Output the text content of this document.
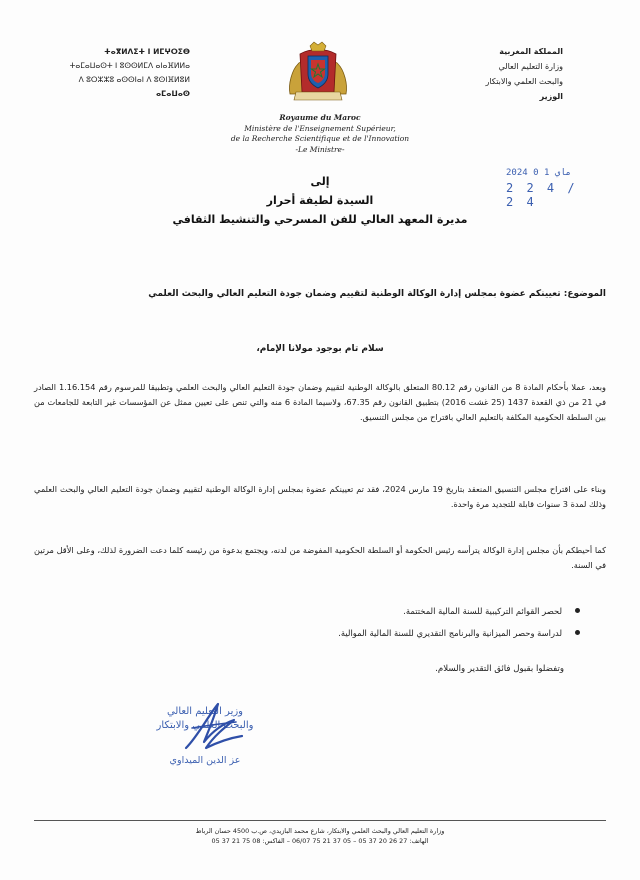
ⵜⴰⴳⵍⴷⵉⵜ ⵏ ⵍⵎⵖⵔⵉⴱ
ⵜⴰⵎⴰⵡⴰⵙⵜ ⵏ ⵓⵙⵙⵍⵎⴷ ⴰⵏⴰⴼⵍⵍⴰ
ⴷ ⵓⵔⵣⵣⵓ ⴰⵙⵙⵏⴰⵏ ⴷ ⵓⵙⵏⴼⵍⵓⵍ
ⴰⵎⴰⵡⴰⵙ
المملكة المغربية
وزارة التعليم العالي
والبحث العلمي والابتكار
الوزير
Royaume du Maroc
Ministère de l'Enseignement Supérieur,
de la Recherche Scientifique et de l'Innovation
-Le Ministre-
2024 ماي 1 0
2 2 4 / 2 4
إلى
السيدة لطيفة أحرار
مديرة المعهد العالي للفن المسرحي والتنشيط الثقافي
الموضوع: تعيينكم عضوة بمجلس إدارة الوكالة الوطنية لتقييم وضمان جودة التعليم العالي والبحث العلمي
سلام تام بوجود مولانا الإمام،
وبعد، عملا بأحكام المادة 8 من القانون رقم 80.12 المتعلق بالوكالة الوطنية لتقييم وضمان جودة التعليم العالي والبحث العلمي وتطبيقا للمرسوم رقم 1.16.154 الصادر في 21 من ذي القعدة 1437 (25 غشت 2016) بتطبيق القانون رقم 67.35، ولاسيما المادة 6 منه والتي تنص على تعيين ممثل عن المؤسسات غير التابعة للجامعات من بين السلطة الحكومية المكلفة بالتعليم العالي باقتراح من مجلس التنسيق.
وبناء على اقتراح مجلس التنسيق المنعقد بتاريخ 19 مارس 2024، فقد تم تعيينكم عضوة بمجلس إدارة الوكالة الوطنية لتقييم وضمان جودة التعليم العالي والبحث العلمي وذلك لمدة 3 سنوات قابلة للتجديد مرة واحدة.
كما أحيطكم بأن مجلس إدارة الوكالة يترأسه رئيس الحكومة أو السلطة الحكومية المفوضة من لدنه، ويجتمع بدعوة من رئيسه كلما دعت الضرورة لذلك، وعلى الأقل مرتين في السنة.
لحصر القوائم التركيبية للسنة المالية المختتمة.
لدراسة وحصر الميزانية والبرنامج التقديري للسنة المالية الموالية.
وتفضلوا بقبول فائق التقدير والسلام.
وزير التعليم العالي
والبحث العلمي والابتكار
عز الدين الميداوي
وزارة التعليم العالي والبحث العلمي والابتكار، شارع محمد البازيدي، ص.ب 4500 حسان الرباط
الهاتف: 27 26 20 37 05 – 05 37 21 75 06/07 – الفاكس: 08 75 21 37 05
